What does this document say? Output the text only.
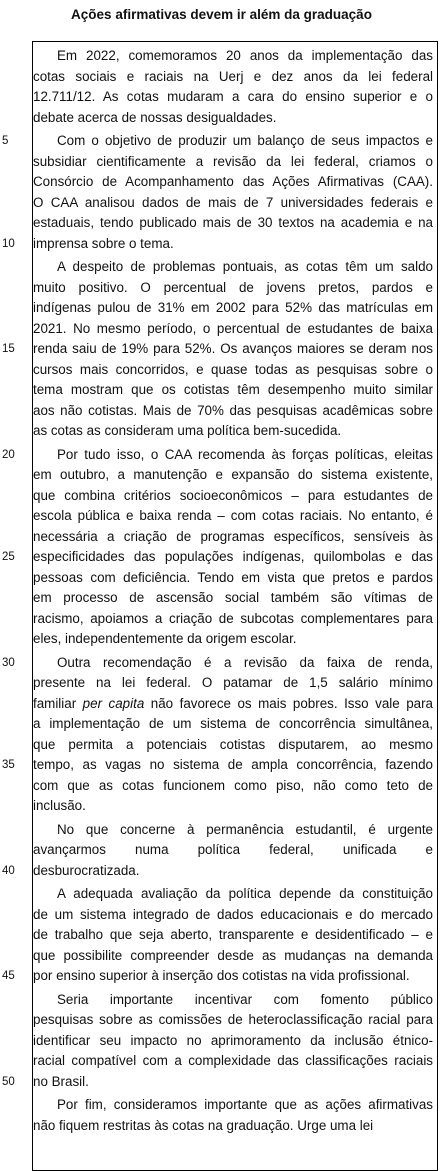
Ações afirmativas devem ir além da graduação
5
10
15
20
25
30
35
40
45
50
Em 2022, comemoramos 20 anos da implementação das
cotas sociais e raciais na Uerj e dez anos da lei federal
12.711/12. As cotas mudaram a cara do ensino superior e o
debate acerca de nossas desigualdades.
Com o objetivo de produzir um balanço de seus impactos e
subsidiar cientificamente a revisão da lei federal, criamos o
Consórcio de Acompanhamento das Ações Afirmativas (CAA).
O CAA analisou dados de mais de 7 universidades federais e
estaduais, tendo publicado mais de 30 textos na academia e na
imprensa sobre o tema.
A despeito de problemas pontuais, as cotas têm um saldo
muito positivo. O percentual de jovens pretos, pardos e
indígenas pulou de 31% em 2002 para 52% das matrículas em
2021. No mesmo período, o percentual de estudantes de baixa
renda saiu de 19% para 52%. Os avanços maiores se deram nos
cursos mais concorridos, e quase todas as pesquisas sobre o
tema mostram que os cotistas têm desempenho muito similar
aos não cotistas. Mais de 70% das pesquisas acadêmicas sobre
as cotas as consideram uma política bem-sucedida.
Por tudo isso, o CAA recomenda às forças políticas, eleitas
em outubro, a manutenção e expansão do sistema existente,
que combina critérios socioeconômicos – para estudantes de
escola pública e baixa renda – com cotas raciais. No entanto, é
necessária a criação de programas específicos, sensíveis às
especificidades das populações indígenas, quilombolas e das
pessoas com deficiência. Tendo em vista que pretos e pardos
em processo de ascensão social também são vítimas de
racismo, apoiamos a criação de subcotas complementares para
eles, independentemente da origem escolar.
Outra recomendação é a revisão da faixa de renda,
presente na lei federal. O patamar de 1,5 salário mínimo
familiar per capita não favorece os mais pobres. Isso vale para
a implementação de um sistema de concorrência simultânea,
que permita a potenciais cotistas disputarem, ao mesmo
tempo, as vagas no sistema de ampla concorrência, fazendo
com que as cotas funcionem como piso, não como teto de
inclusão.
No que concerne à permanência estudantil, é urgente
avançarmos numa política federal, unificada e
desburocratizada.
A adequada avaliação da política depende da constituição
de um sistema integrado de dados educacionais e do mercado
de trabalho que seja aberto, transparente e desidentificado – e
que possibilite compreender desde as mudanças na demanda
por ensino superior à inserção dos cotistas na vida profissional.
Seria importante incentivar com fomento público
pesquisas sobre as comissões de heteroclassificação racial para
identificar seu impacto no aprimoramento da inclusão étnico-
racial compatível com a complexidade das classificações raciais
no Brasil.
Por fim, consideramos importante que as ações afirmativas
não fiquem restritas às cotas na graduação. Urge uma lei
